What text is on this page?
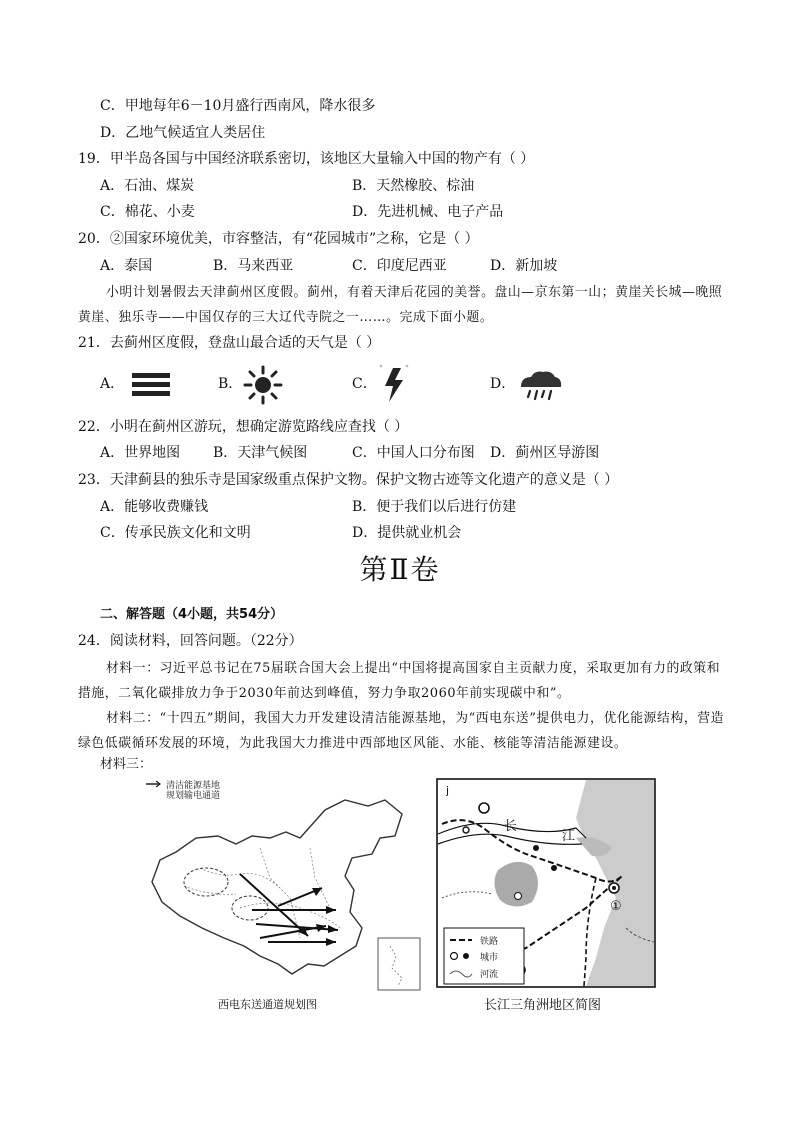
C．甲地每年6－10月盛行西南风，降水很多
D．乙地气候适宜人类居住
19．甲半岛各国与中国经济联系密切，该地区大量输入中国的物产有（ ）
A．石油、煤炭	B．天然橡胶、棕油
C．棉花、小麦	D．先进机械、电子产品
20．②国家环境优美，市容整洁，有“花园城市”之称，它是（ ）
A．泰国	B．马来西亚	C．印度尼西亚	D．新加坡
小明计划暑假去天津蓟州区度假。蓟州，有着天津后花园的美誉。盘山—京东第一山；黄崖关长城—晚照黄崖、独乐寺——中国仅存的三大辽代寺院之一……。完成下面小题。
21．去蓟州区度假，登盘山最合适的天气是（ ）
A．	B．	C．	D．
22．小明在蓟州区游玩，想确定游览路线应查找（ ）
A．世界地图 B．天津气候图	C．中国人口分布图 D．蓟州区导游图
23．天津蓟县的独乐寺是国家级重点保护文物。保护文物古迹等文化遗产的意义是（ ）
A．能够收费赚钱	B．便于我们以后进行仿建
C．传承民族文化和文明	D．提供就业机会
第Ⅱ卷
二、解答题（4小题，共54分）
24．阅读材料，回答问题。（22分）
材料一：习近平总书记在75届联合国大会上提出“中国将提高国家自主贡献力度，采取更加有力的政策和措施，二氧化碳排放力争于2030年前达到峰值，努力争取2060年前实现碳中和”。
材料二：“十四五”期间，我国大力开发建设清洁能源基地，为“西电东送”提供电力，优化能源结构，营造绿色低碳循环发展的环境，为此我国大力推进中西部地区风能、水能、核能等清洁能源建设。
材料三：
清洁能源基地
规划输电通道
西电东送通道规划图
j
长
江
①
铁路
城市
河流
长江三角洲地区简图
